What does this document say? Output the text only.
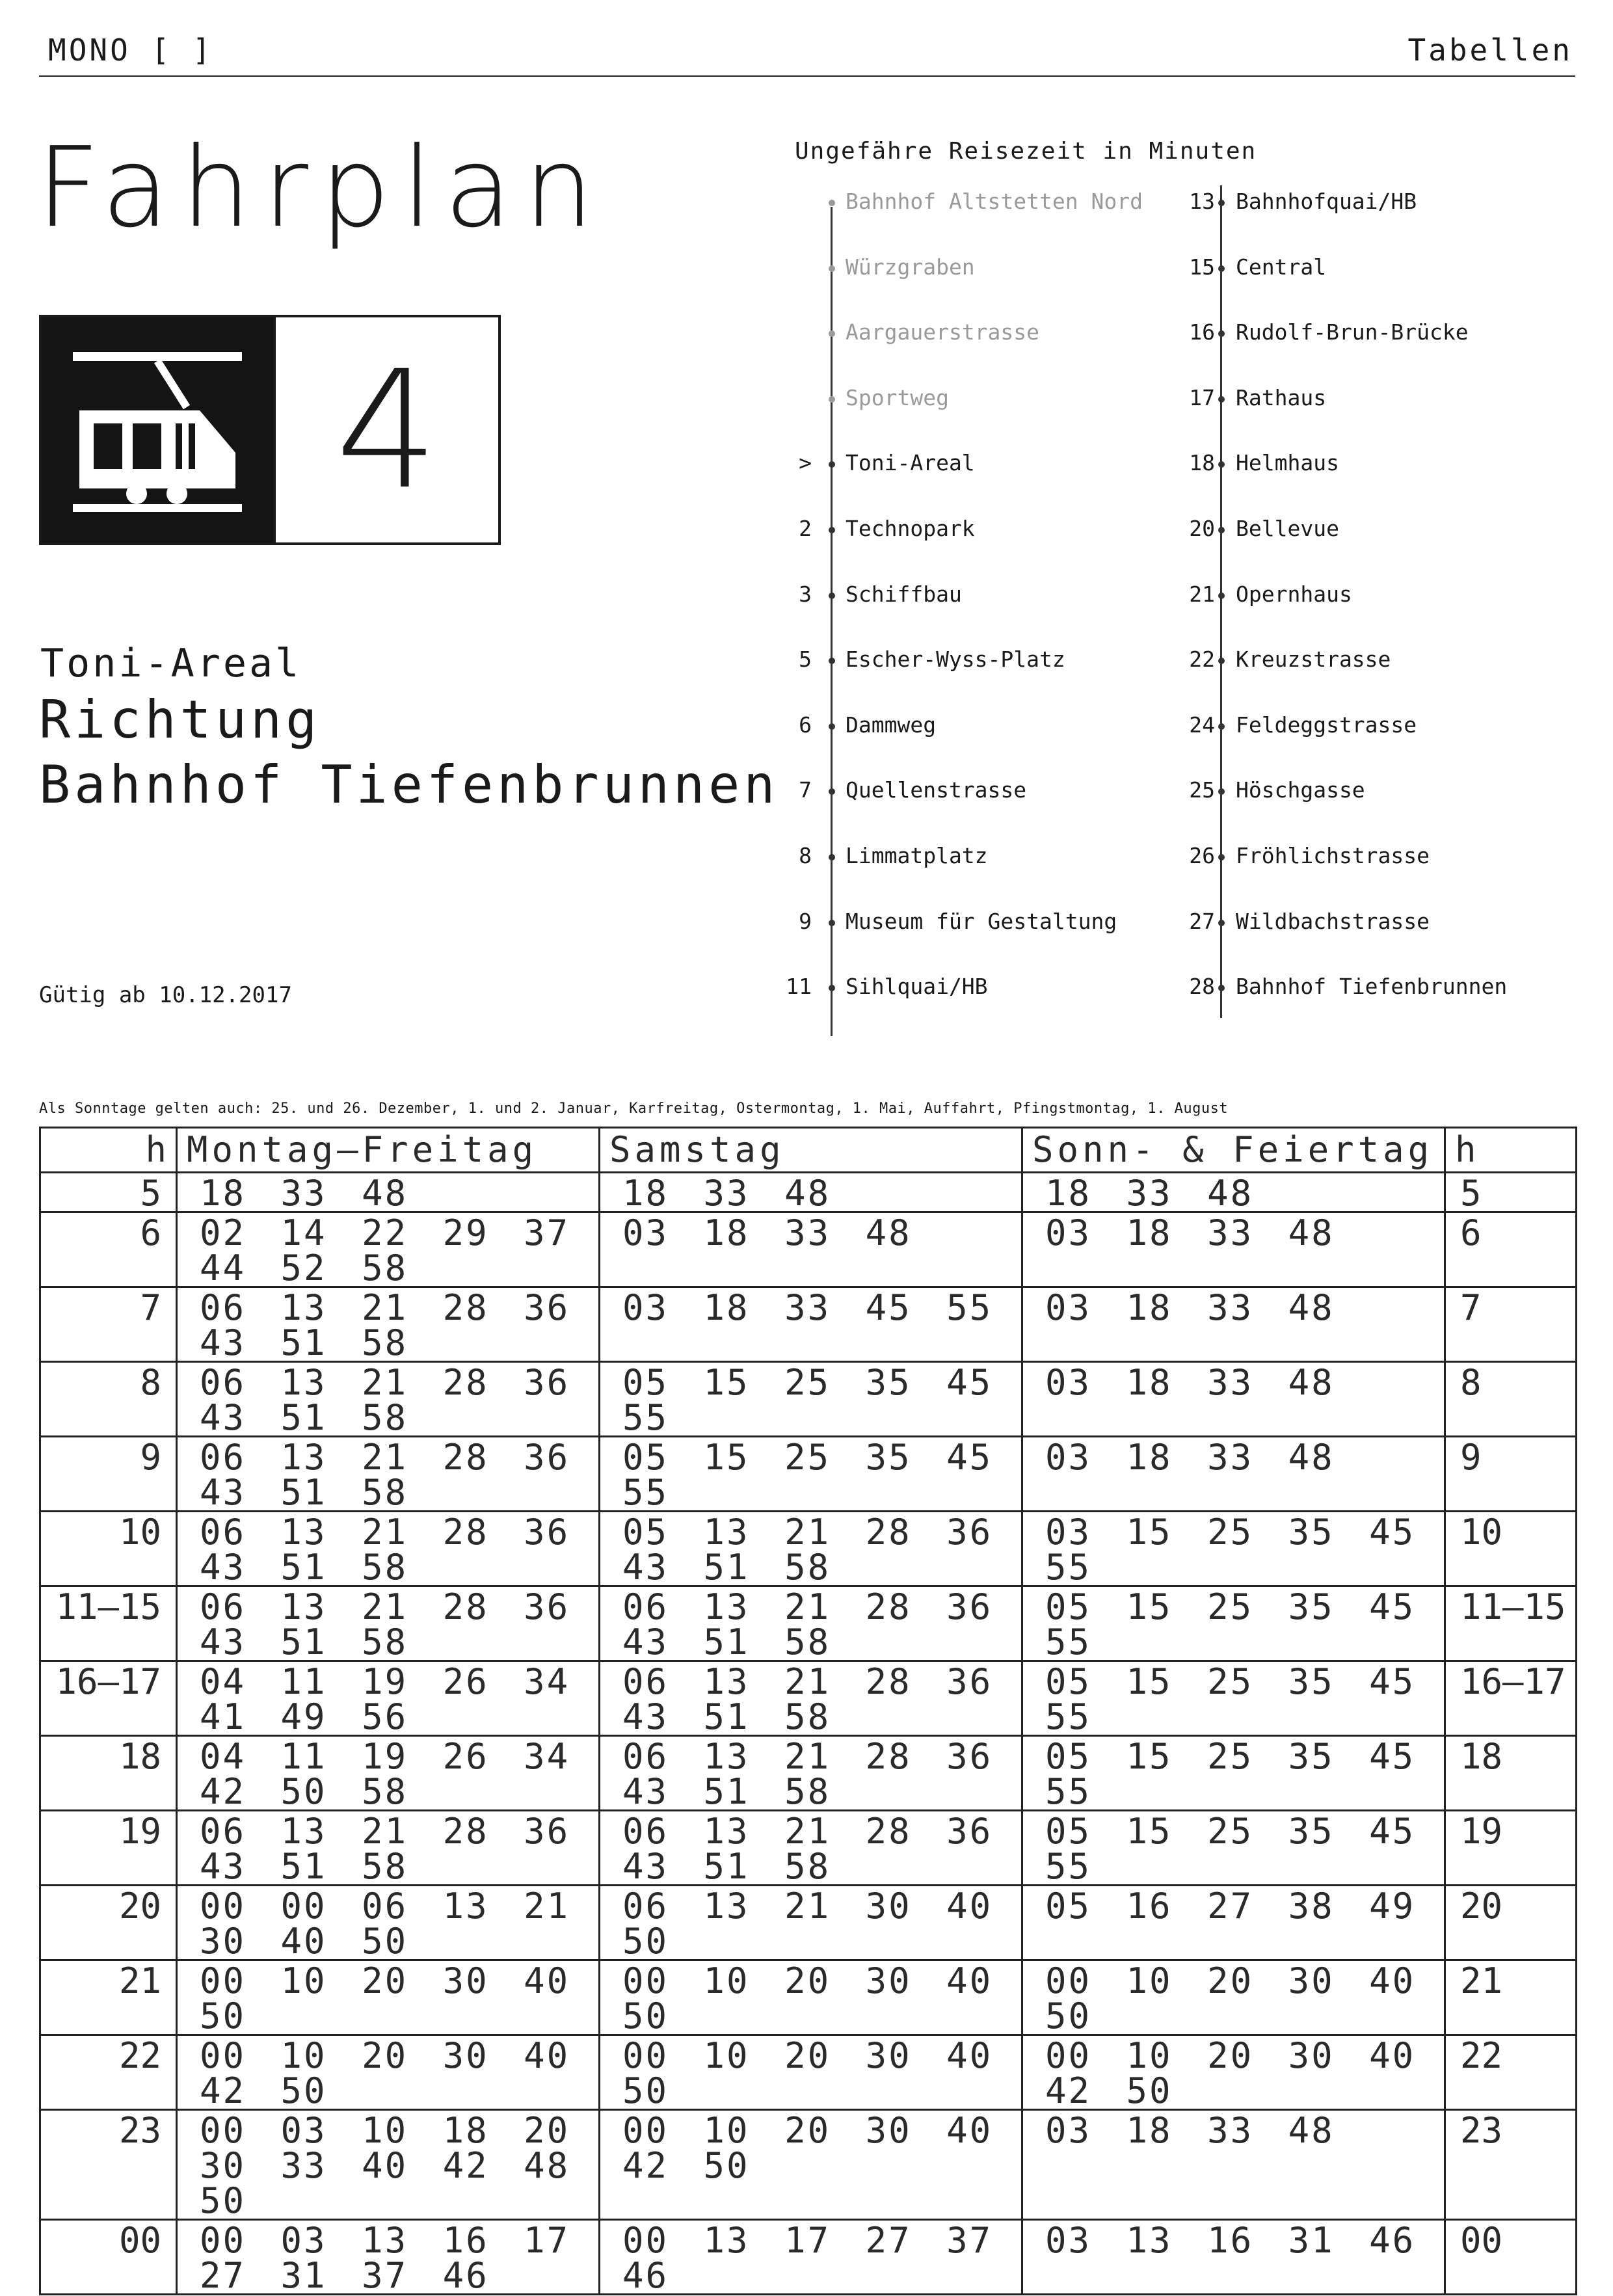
MONO [ ]	Tabellen
Fahrplan
4
Toni-Areal
Richtung
Bahnhof Tiefenbrunnen
Gütig ab 10.12.2017
Ungefähre Reisezeit in Minuten
Bahnhof Altstetten Nord
Würzgraben
Aargauerstrasse
Sportweg
> Toni-Areal
2 Technopark
3 Schiffbau
5 Escher-Wyss-Platz
6 Dammweg
7 Quellenstrasse
8 Limmatplatz
9 Museum für Gestaltung
11 Sihlquai/HB
13 Bahnhofquai/HB
15 Central
16 Rudolf-Brun-Brücke
17 Rathaus
18 Helmhaus
20 Bellevue
21 Opernhaus
22 Kreuzstrasse
24 Feldeggstrasse
25 Höschgasse
26 Fröhlichstrasse
27 Wildbachstrasse
28 Bahnhof Tiefenbrunnen
Als Sonntage gelten auch: 25. und 26. Dezember, 1. und 2. Januar, Karfreitag, Ostermontag, 1. Mai, Auffahrt, Pfingstmontag, 1. August
h	Montag—Freitag	Samstag	Sonn- & Feiertag	h
5	18 33 48	18 33 48	18 33 48	5
6	02 14 22 29 37 44 52 58	03 18 33 48	03 18 33 48	6
7	06 13 21 28 36 43 51 58	03 18 33 45 55	03 18 33 48	7
8	06 13 21 28 36 43 51 58	05 15 25 35 45 55	03 18 33 48	8
9	06 13 21 28 36 43 51 58	05 15 25 35 45 55	03 18 33 48	9
10	06 13 21 28 36 43 51 58	05 13 21 28 36 43 51 58	03 15 25 35 45 55	10
11—15	06 13 21 28 36 43 51 58	06 13 21 28 36 43 51 58	05 15 25 35 45 55	11—15
16—17	04 11 19 26 34 41 49 56	06 13 21 28 36 43 51 58	05 15 25 35 45 55	16—17
18	04 11 19 26 34 42 50 58	06 13 21 28 36 43 51 58	05 15 25 35 45 55	18
19	06 13 21 28 36 43 51 58	06 13 21 28 36 43 51 58	05 15 25 35 45 55	19
20	00 00 06 13 21 30 40 50	06 13 21 30 40 50	05 16 27 38 49	20
21	00 10 20 30 40 50	00 10 20 30 40 50	00 10 20 30 40 50	21
22	00 10 20 30 40 42 50	00 10 20 30 40 50	00 10 20 30 40 42 50	22
23	00 03 10 18 20 30 33 40 42 48 50	00 10 20 30 40 42 50	03 18 33 48	23
00	00 03 13 16 17 27 31 37 46	00 13 17 27 37 46	03 13 16 31 46	00
